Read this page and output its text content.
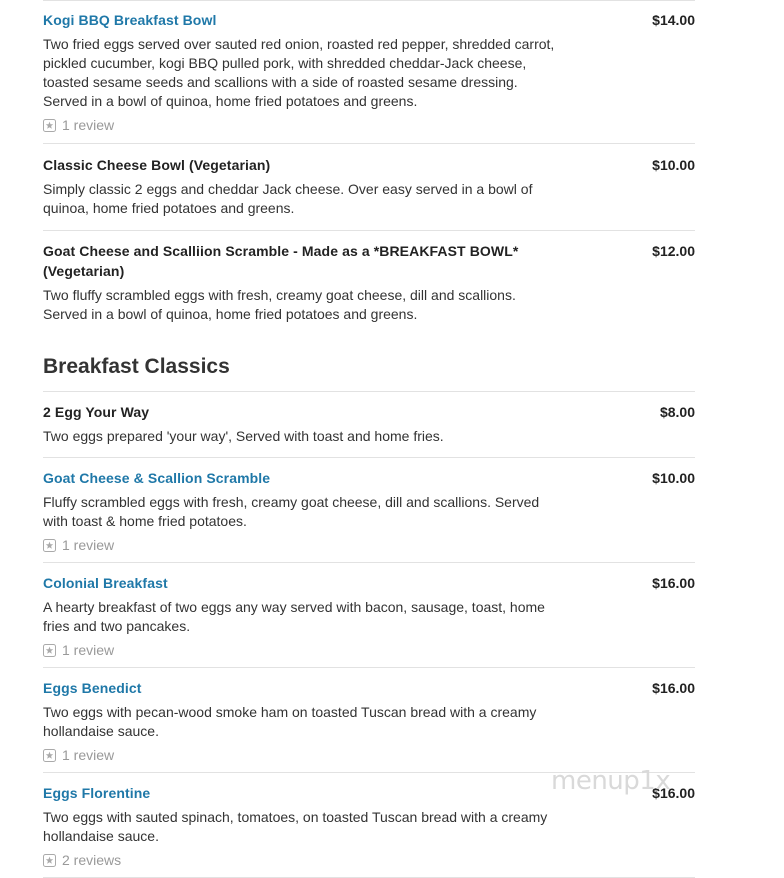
Kogi BBQ Breakfast Bowl	$14.00
Two fried eggs served over sauted red onion, roasted red pepper, shredded carrot, pickled cucumber, kogi BBQ pulled pork, with shredded cheddar-Jack cheese, toasted sesame seeds and scallions with a side of roasted sesame dressing. Served in a bowl of quinoa, home fried potatoes and greens.
1 review
Classic Cheese Bowl (Vegetarian)	$10.00
Simply classic 2 eggs and cheddar Jack cheese. Over easy served in a bowl of quinoa, home fried potatoes and greens.
Goat Cheese and Scalliion Scramble - Made as a *BREAKFAST BOWL* (Vegetarian)
$12.00
Two fluffy scrambled eggs with fresh, creamy goat cheese, dill and scallions. Served in a bowl of quinoa, home fried potatoes and greens.
Breakfast Classics
2 Egg Your Way	$8.00
Two eggs prepared 'your way', Served with toast and home fries.
Goat Cheese & Scallion Scramble	$10.00
Fluffy scrambled eggs with fresh, creamy goat cheese, dill and scallions. Served with toast & home fried potatoes.
1 review
Colonial Breakfast	$16.00
A hearty breakfast of two eggs any way served with bacon, sausage, toast, home fries and two pancakes.
1 review
Eggs Benedict	$16.00
Two eggs with pecan-wood smoke ham on toasted Tuscan bread with a creamy hollandaise sauce.
1 review
Eggs Florentine	$16.00
Two eggs with sauted spinach, tomatoes, on toasted Tuscan bread with a creamy hollandaise sauce.
2 reviews
menup1x
